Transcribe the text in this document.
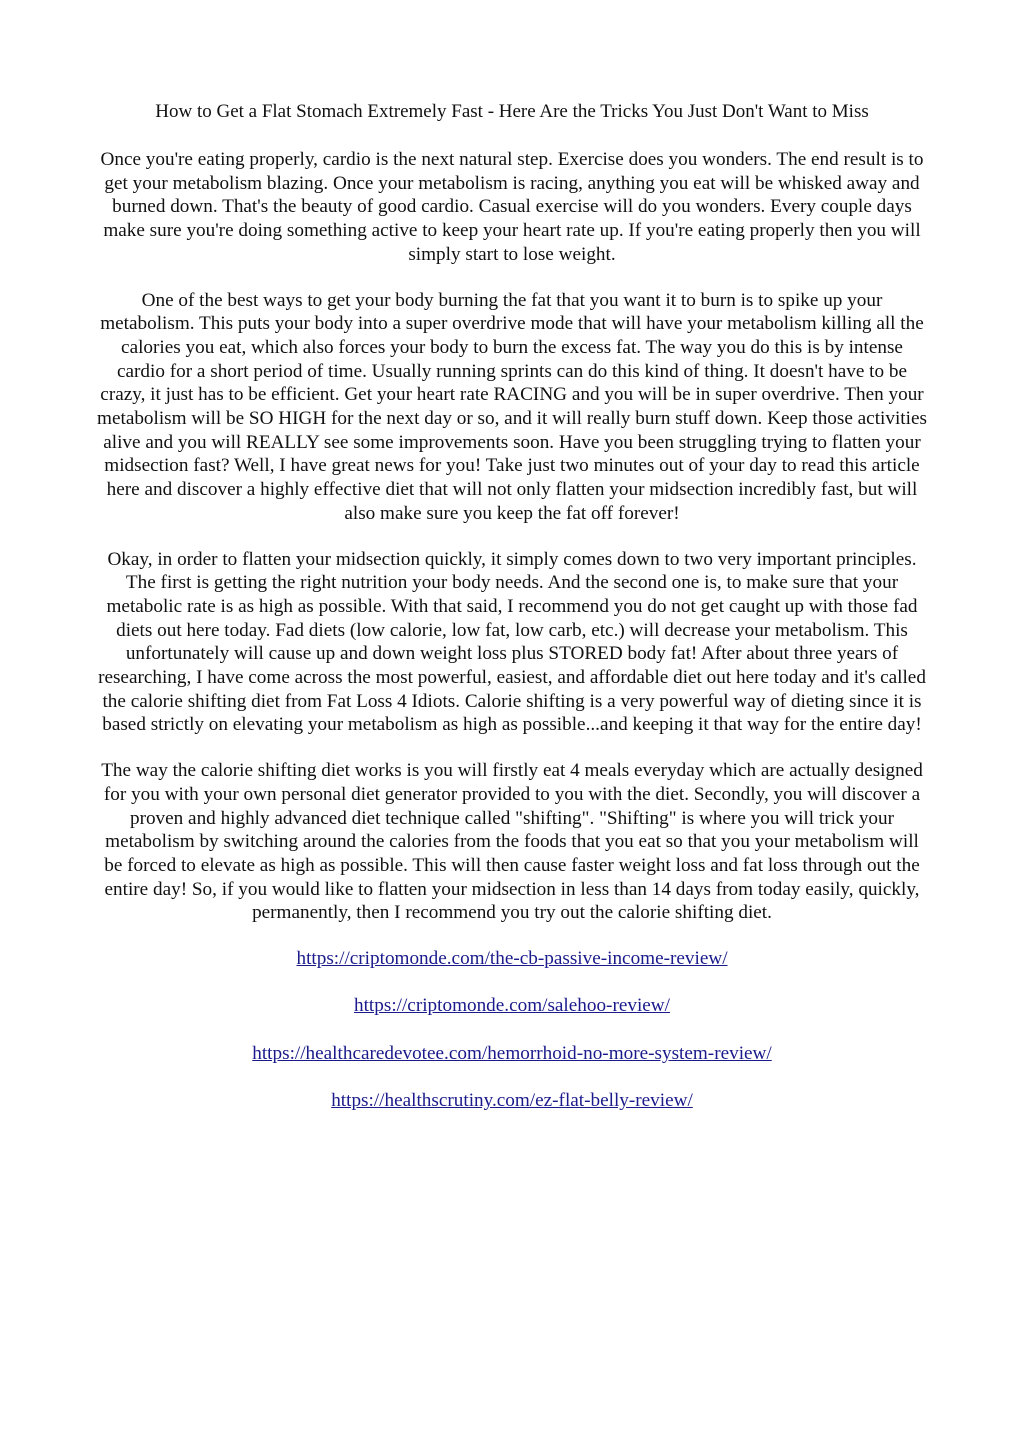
How to Get a Flat Stomach Extremely Fast - Here Are the Tricks You Just Don't Want to Miss

Once you're eating properly, cardio is the next natural step. Exercise does you wonders. The end result is to get your metabolism blazing. Once your metabolism is racing, anything you eat will be whisked away and burned down. That's the beauty of good cardio. Casual exercise will do you wonders. Every couple days make sure you're doing something active to keep your heart rate up. If you're eating properly then you will simply start to lose weight.

One of the best ways to get your body burning the fat that you want it to burn is to spike up your metabolism. This puts your body into a super overdrive mode that will have your metabolism killing all the calories you eat, which also forces your body to burn the excess fat. The way you do this is by intense cardio for a short period of time. Usually running sprints can do this kind of thing. It doesn't have to be crazy, it just has to be efficient. Get your heart rate RACING and you will be in super overdrive. Then your metabolism will be SO HIGH for the next day or so, and it will really burn stuff down. Keep those activities alive and you will REALLY see some improvements soon. Have you been struggling trying to flatten your midsection fast? Well, I have great news for you! Take just two minutes out of your day to read this article here and discover a highly effective diet that will not only flatten your midsection incredibly fast, but will also make sure you keep the fat off forever!

Okay, in order to flatten your midsection quickly, it simply comes down to two very important principles. The first is getting the right nutrition your body needs. And the second one is, to make sure that your metabolic rate is as high as possible. With that said, I recommend you do not get caught up with those fad diets out here today. Fad diets (low calorie, low fat, low carb, etc.) will decrease your metabolism. This unfortunately will cause up and down weight loss plus STORED body fat! After about three years of researching, I have come across the most powerful, easiest, and affordable diet out here today and it's called the calorie shifting diet from Fat Loss 4 Idiots. Calorie shifting is a very powerful way of dieting since it is based strictly on elevating your metabolism as high as possible...and keeping it that way for the entire day!

The way the calorie shifting diet works is you will firstly eat 4 meals everyday which are actually designed for you with your own personal diet generator provided to you with the diet. Secondly, you will discover a proven and highly advanced diet technique called "shifting". "Shifting" is where you will trick your metabolism by switching around the calories from the foods that you eat so that you your metabolism will be forced to elevate as high as possible. This will then cause faster weight loss and fat loss through out the entire day! So, if you would like to flatten your midsection in less than 14 days from today easily, quickly, permanently, then I recommend you try out the calorie shifting diet.

https://criptomonde.com/the-cb-passive-income-review/
https://criptomonde.com/salehoo-review/
https://healthcaredevotee.com/hemorrhoid-no-more-system-review/
https://healthscrutiny.com/ez-flat-belly-review/
